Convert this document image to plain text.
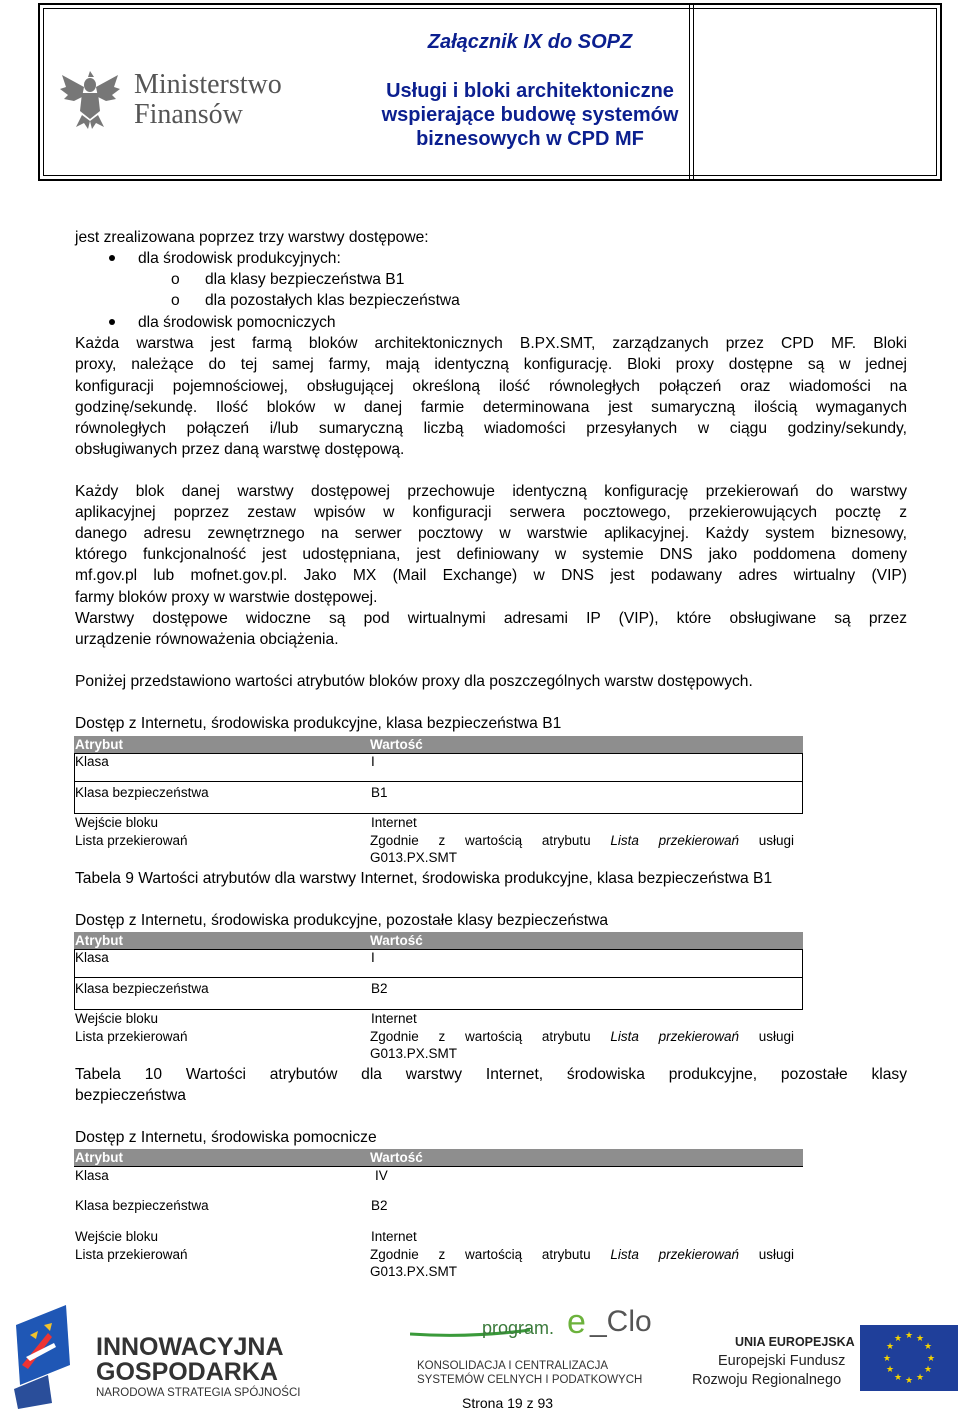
Ministerstwo
Finansów
Załącznik IX do SOPZ
Usługi i bloki architektoniczne
wspierające budowę systemów
biznesowych w CPD MF
jest zrealizowana poprzez trzy warstwy dostępowe:
dla środowisk produkcyjnych:
o dla klasy bezpieczeństwa B1
o dla pozostałych klas bezpieczeństwa
dla środowisk pomocniczych
Każda warstwa jest farmą bloków architektonicznych B.PX.SMT, zarządzanych przez CPD MF. Bloki
proxy, należące do tej samej farmy, mają identyczną konfigurację. Bloki proxy dostępne są w jednej
konfiguracji pojemnościowej, obsługującej określoną ilość równoległych połączeń oraz wiadomości na
godzinę/sekundę. Ilość bloków w danej farmie determinowana jest sumaryczną ilością wymaganych
równoległych połączeń i/lub sumaryczną liczbą wiadomości przesyłanych w ciągu godziny/sekundy,
obsługiwanych przez daną warstwę dostępową.
Każdy blok danej warstwy dostępowej przechowuje identyczną konfigurację przekierowań do warstwy
aplikacyjnej poprzez zestaw wpisów w konfiguracji serwera pocztowego, przekierowujących pocztę z
danego adresu zewnętrznego na serwer pocztowy w warstwie aplikacyjnej. Każdy system biznesowy,
którego funkcjonalność jest udostępniana, jest definiowany w systemie DNS jako poddomena domeny
mf.gov.pl lub mofnet.gov.pl. Jako MX (Mail Exchange) w DNS jest podawany adres wirtualny (VIP)
farmy bloków proxy w warstwie dostępowej.
Warstwy dostępowe widoczne są pod wirtualnymi adresami IP (VIP), które obsługiwane są przez
urządzenie równoważenia obciążenia.
Poniżej przedstawiono wartości atrybutów bloków proxy dla poszczególnych warstw dostępowych.
Dostęp z Internetu, środowiska produkcyjne, klasa bezpieczeństwa B1
Atrybut	Wartość
Klasa	I
Klasa bezpieczeństwa	B1
Wejście bloku	Internet
Lista przekierowań	Zgodnie z wartością atrybutu Lista przekierowań usługi
G013.PX.SMT
Tabela 9 Wartości atrybutów dla warstwy Internet, środowiska produkcyjne, klasa bezpieczeństwa B1
Dostęp z Internetu, środowiska produkcyjne, pozostałe klasy bezpieczeństwa
Atrybut	Wartość
Klasa	I
Klasa bezpieczeństwa	B2
Wejście bloku	Internet
Lista przekierowań	Zgodnie z wartością atrybutu Lista przekierowań usługi
G013.PX.SMT
Tabela 10 Wartości atrybutów dla warstwy Internet, środowiska produkcyjne, pozostałe klasy
bezpieczeństwa
Dostęp z Internetu, środowiska pomocnicze
Atrybut	Wartość
Klasa	IV
Klasa bezpieczeństwa	B2
Wejście bloku	Internet
Lista przekierowań	Zgodnie z wartością atrybutu Lista przekierowań usługi
G013.PX.SMT
INNOWACYJNA
GOSPODARKA
NARODOWA STRATEGIA SPÓJNOŚCI
program. e _Clo
KONSOLIDACJA I CENTRALIZACJA
SYSTEMÓW CELNYCH I PODATKOWYCH
UNIA EUROPEJSKA
Europejski Fundusz
Rozwoju Regionalnego
★ ★
★
★
★
★
★
★
★
★
★
★
Strona 19 z 93
